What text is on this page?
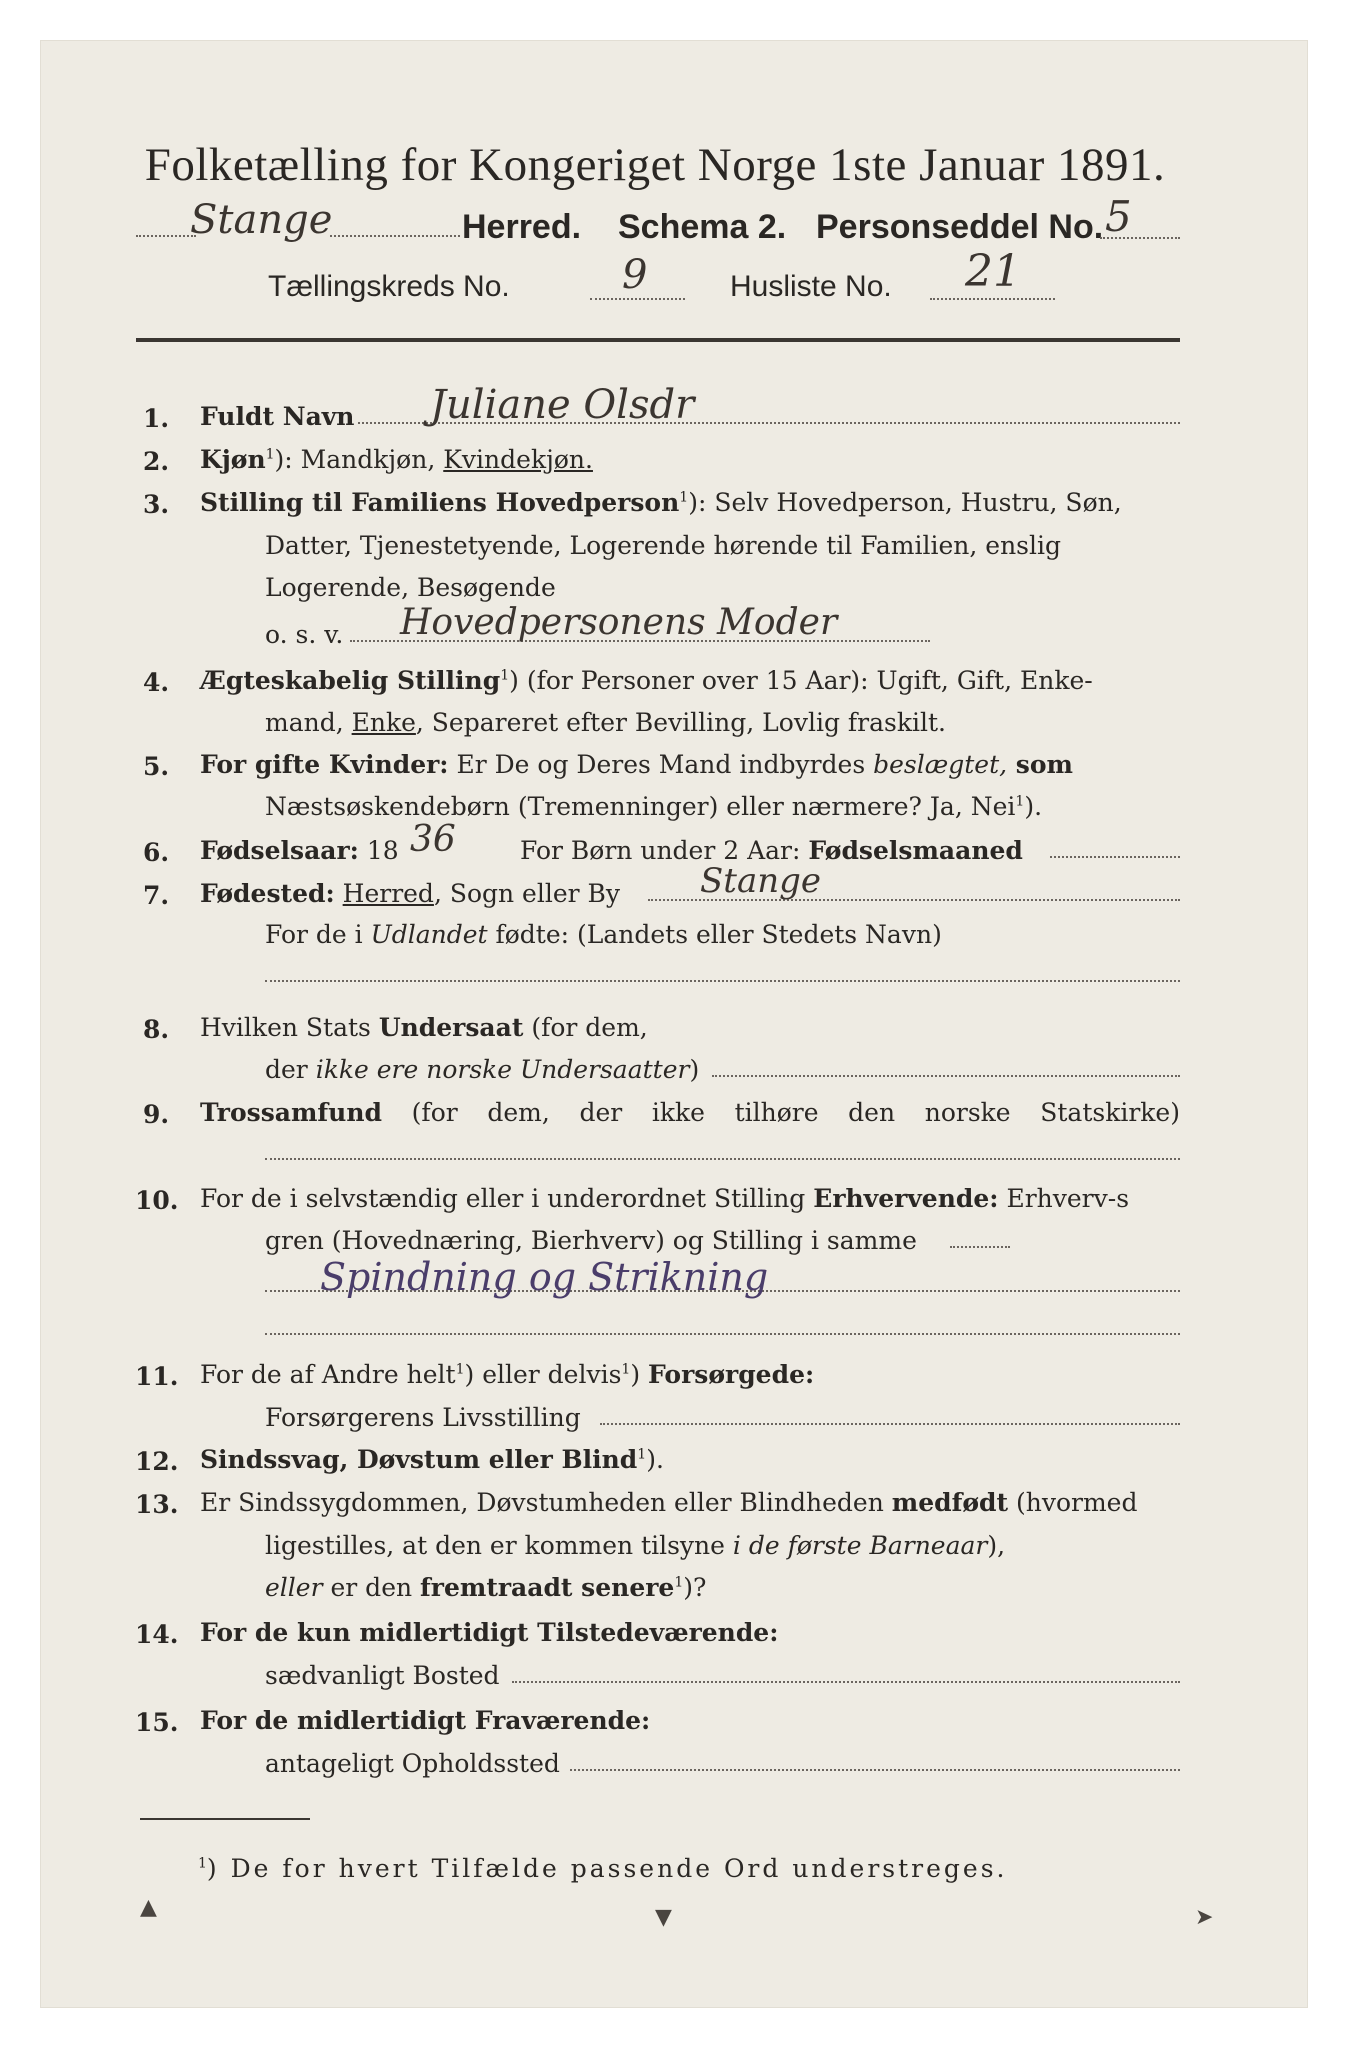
Folketælling for Kongeriget Norge 1ste Januar 1891.
Stange	Herred. Schema 2. Personseddel No. 5
Tællingskreds No.	9	Husliste No. 21
1. Fuldt Navn Juliane Olsdr
2. Kjøn$^1$): Mandkjøn, Kvindekjøn.
3. Stilling til Familiens Hovedperson$^1$): Selv Hovedperson, Hustru, Søn,
Datter, Tjenestetyende, Logerende hørende til Familien, enslig
Logerende, Besøgende
o. s. v. Hovedpersonens Moder
4. Ægteskabelig Stilling$^1$) (for Personer over 15 Aar): Ugift, Gift, Enke-
mand, Enke, Separeret efter Bevilling, Lovlig fraskilt.
5. For gifte Kvinder: Er De og Deres Mand indbyrdes beslægtet, som
Næstsøskendebørn (Tremenninger) eller nærmere? Ja, Nei$^1$).
6. Fødselsaar: 18 36	For Børn under 2 Aar: Fødselsmaaned
7. Fødested: Herred, Sogn eller By Stange
For de i Udlandet fødte: (Landets eller Stedets Navn)
8. Hvilken Stats Undersaat (for dem,
der ikke ere norske Undersaatter)
9. Trossamfund (for dem, der ikke tilhøre den norske Statskirke)
10. For de i selvstændig eller i underordnet Stilling Erhvervende: Erhverv-s
gren (Hovednæring, Bierhverv) og Stilling i samme
Spindning og Strikning
11. For de af Andre helt$^1$) eller delvis$^1$) Forsørgede:
Forsørgerens Livsstilling
12. Sindssvag, Døvstum eller Blind$^1$).
13. Er Sindssygdommen, Døvstumheden eller Blindheden medfødt (hvormed
ligestilles, at den er kommen tilsyne i de første Barneaar),
eller er den fremtraadt senere$^1$)?
14. For de kun midlertidigt Tilstedeværende:
sædvanligt Bosted
15. For de midlertidigt Fraværende:
antageligt Opholdssted
$^1$) De for hvert Tilfælde passende Ord understreges.
▲	▼	➤
